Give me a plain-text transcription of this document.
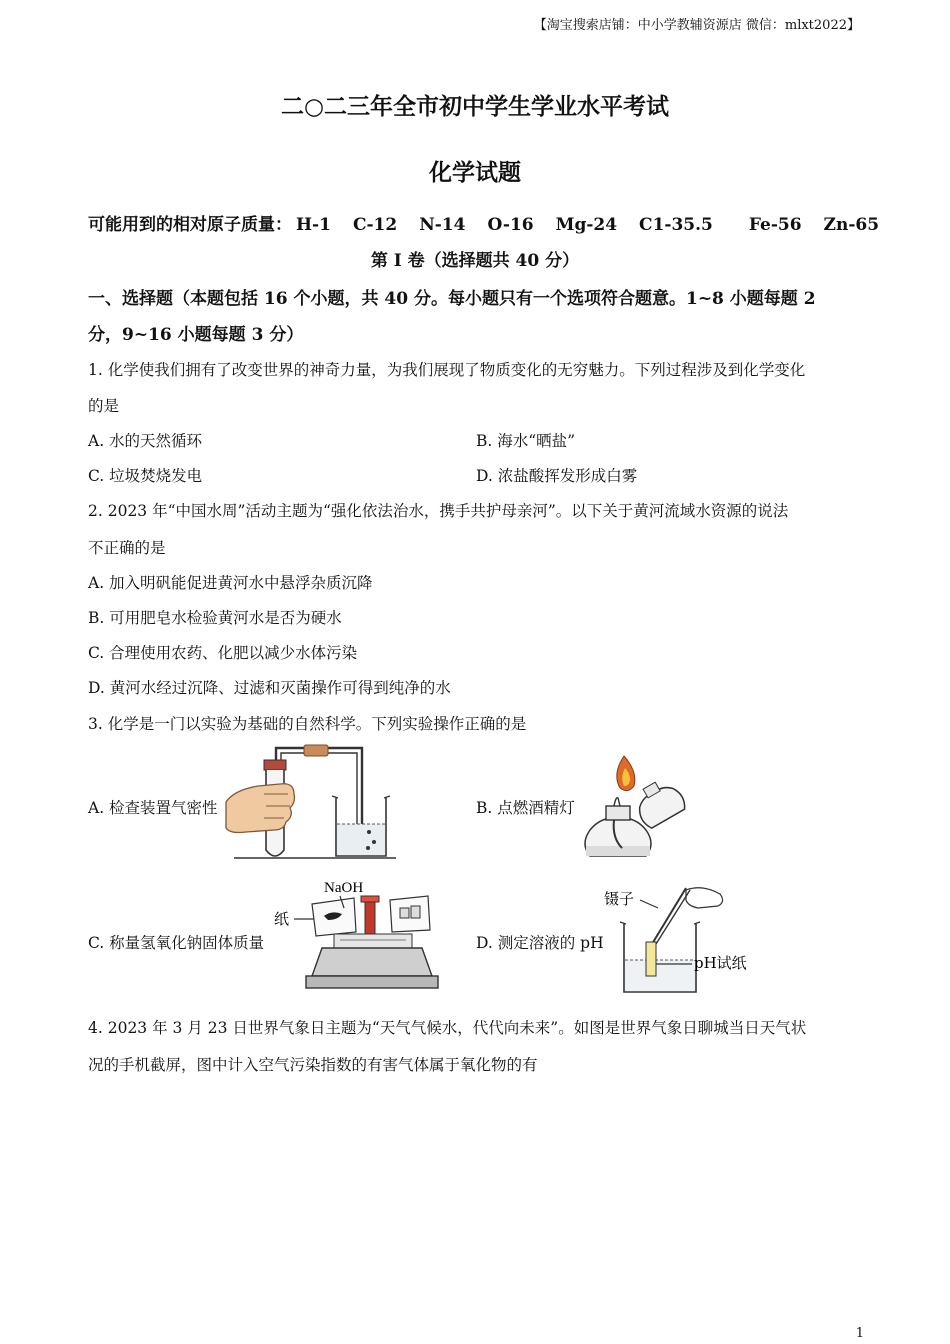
【淘宝搜索店铺：中小学教辅资源店 微信：mlxt2022】
二○二三年全市初中学生学业水平考试
化学试题
可能用到的相对原子质量： H-1 C-12 N-14 O-16 Mg-24 C1-35.5 Fe-56 Zn-65
第 I 卷（选择题共 40 分）
一、选择题（本题包括 16 个小题，共 40 分。每小题只有一个选项符合题意。1~8 小题每题 2
分，9~16 小题每题 3 分）
1. 化学使我们拥有了改变世界的神奇力量，为我们展现了物质变化的无穷魅力。下列过程涉及到化学变化
的是
A. 水的天然循环	B. 海水“晒盐”
C. 垃圾焚烧发电	D. 浓盐酸挥发形成白雾
2. 2023 年“中国水周”活动主题为“强化依法治水，携手共护母亲河”。以下关于黄河流域水资源的说法
不正确的是
A. 加入明矾能促进黄河水中悬浮杂质沉降
B. 可用肥皂水检验黄河水是否为硬水
C. 合理使用农药、化肥以减少水体污染
D. 黄河水经过沉降、过滤和灭菌操作可得到纯净的水
3. 化学是一门以实验为基础的自然科学。下列实验操作正确的是
A. 检查装置气密性	B. 点燃酒精灯
C. 称量氢氧化钠固体质量	D. 测定溶液的 pH
NaOH
纸
镊子
pH试纸
4. 2023 年 3 月 23 日世界气象日主题为“天气气候水，代代向未来”。如图是世界气象日聊城当日天气状
况的手机截屏，图中计入空气污染指数的有害气体属于氧化物的有
1
